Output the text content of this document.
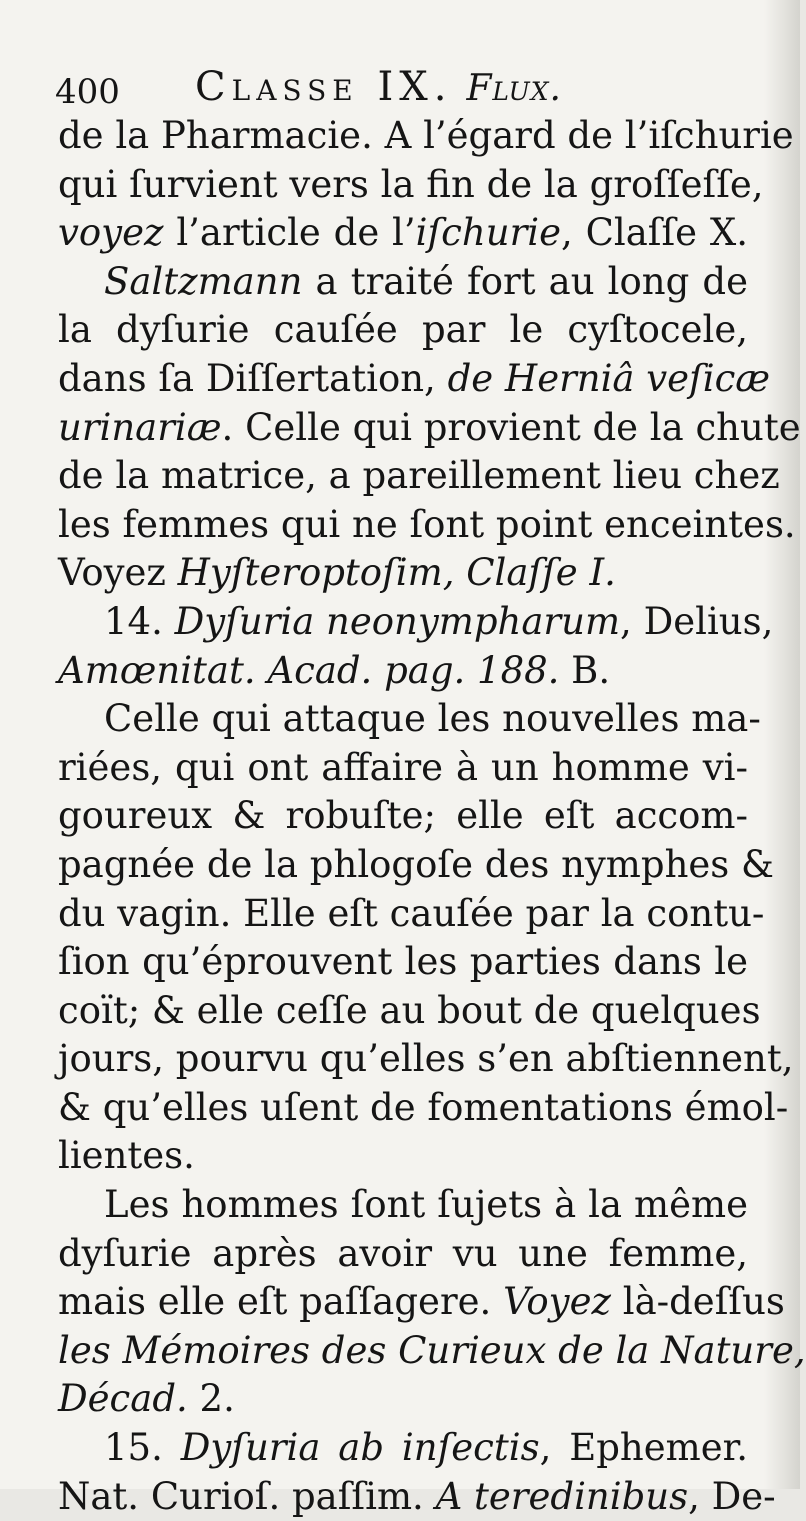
400 Classe IX. Flux.
de la Pharmacie. A l’égard de l’iſchurie
qui ſurvient vers la fin de la groſſeſſe,
voyez l’article de l’iſchurie, Claſſe X.
Saltzmann a traité fort au long de
la dyſurie cauſée par le cyſtocele,
dans ſa Diſſertation, de Herniâ veſicæ
urinariæ. Celle qui provient de la chute
de la matrice, a pareillement lieu chez
les femmes qui ne ſont point enceintes.
Voyez Hyſteroptoſim, Claſſe I.
14. Dyſuria neonympharum, Delius,
Amœnitat. Acad. pag. 188. B.
Celle qui attaque les nouvelles ma-
riées, qui ont affaire à un homme vi-
goureux & robuſte; elle eſt accom-
pagnée de la phlogoſe des nymphes &
du vagin. Elle eſt cauſée par la contu-
ſion qu’éprouvent les parties dans le
coït; & elle ceſſe au bout de quelques
jours, pourvu qu’elles s’en abſtiennent,
& qu’elles uſent de fomentations émol-
lientes.
Les hommes ſont ſujets à la même
dyſurie après avoir vu une femme,
mais elle eſt paſſagere. Voyez là-deſſus
les Mémoires des Curieux de la Nature,
Décad. 2.
15. Dyſuria ab inſectis, Ephemer.
Nat. Curioſ. paſſim. A teredinibus, De-
